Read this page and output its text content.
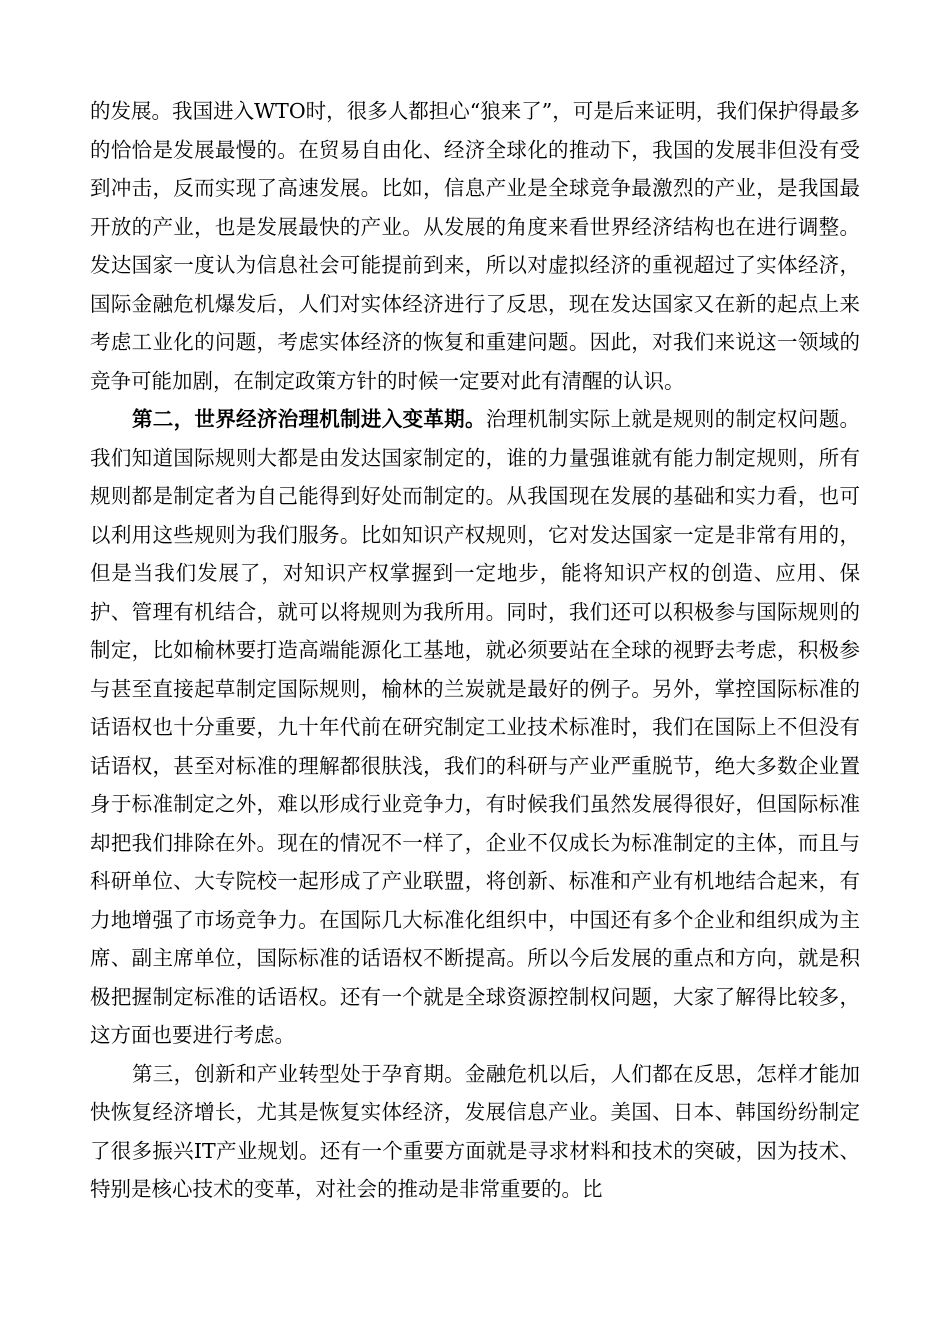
的发展。我国进入WTO时，很多人都担心“狼来了”，可是后来证明，我们保护得最多的恰恰是发展最慢的。在贸易自由化、经济全球化的推动下，我国的发展非但没有受到冲击，反而实现了高速发展。比如，信息产业是全球竞争最激烈的产业，是我国最开放的产业，也是发展最快的产业。从发展的角度来看世界经济结构也在进行调整。发达国家一度认为信息社会可能提前到来，所以对虚拟经济的重视超过了实体经济，国际金融危机爆发后，人们对实体经济进行了反思，现在发达国家又在新的起点上来考虑工业化的问题，考虑实体经济的恢复和重建问题。因此，对我们来说这一领域的竞争可能加剧，在制定政策方针的时候一定要对此有清醒的认识。

第二，世界经济治理机制进入变革期。治理机制实际上就是规则的制定权问题。我们知道国际规则大都是由发达国家制定的，谁的力量强谁就有能力制定规则，所有规则都是制定者为自己能得到好处而制定的。从我国现在发展的基础和实力看，也可以利用这些规则为我们服务。比如知识产权规则，它对发达国家一定是非常有用的，但是当我们发展了，对知识产权掌握到一定地步，能将知识产权的创造、应用、保护、管理有机结合，就可以将规则为我所用。同时，我们还可以积极参与国际规则的制定，比如榆林要打造高端能源化工基地，就必须要站在全球的视野去考虑，积极参与甚至直接起草制定国际规则，榆林的兰炭就是最好的例子。另外，掌控国际标准的话语权也十分重要，九十年代前在研究制定工业技术标准时，我们在国际上不但没有话语权，甚至对标准的理解都很肤浅，我们的科研与产业严重脱节，绝大多数企业置身于标准制定之外，难以形成行业竞争力，有时候我们虽然发展得很好，但国际标准却把我们排除在外。现在的情况不一样了，企业不仅成长为标准制定的主体，而且与科研单位、大专院校一起形成了产业联盟，将创新、标准和产业有机地结合起来，有力地增强了市场竞争力。在国际几大标准化组织中，中国还有多个企业和组织成为主席、副主席单位，国际标准的话语权不断提高。所以今后发展的重点和方向，就是积极把握制定标准的话语权。还有一个就是全球资源控制权问题，大家了解得比较多，这方面也要进行考虑。

第三，创新和产业转型处于孕育期。金融危机以后，人们都在反思，怎样才能加快恢复经济增长，尤其是恢复实体经济，发展信息产业。美国、日本、韩国纷纷制定了很多振兴IT产业规划。还有一个重要方面就是寻求材料和技术的突破，因为技术、特别是核心技术的变革，对社会的推动是非常重要的。比
